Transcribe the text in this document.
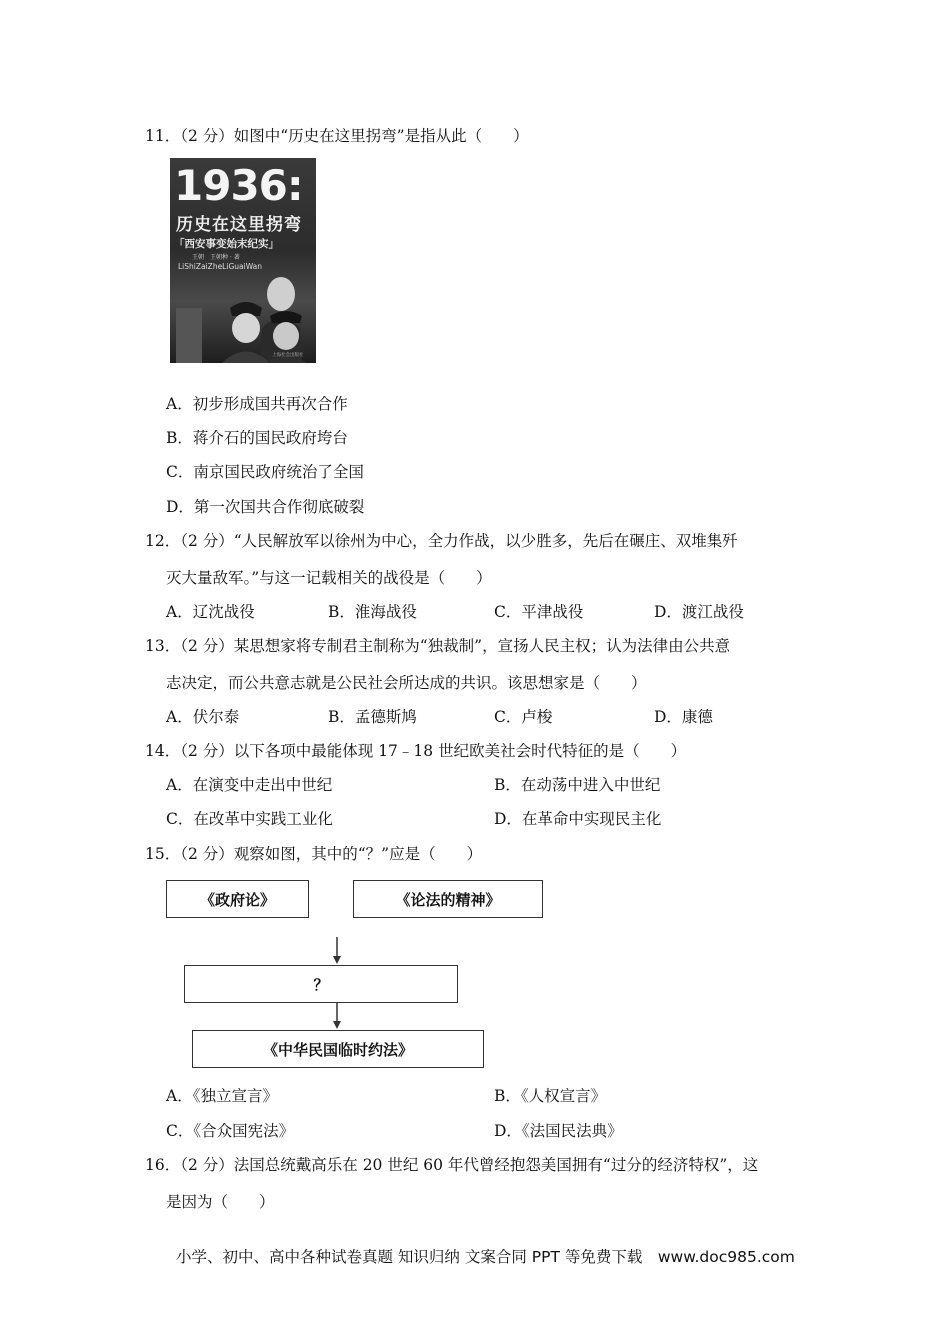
11．（2 分）如图中“历史在这里拐弯”是指从此（　　）
1936:
历史在这里拐弯
「西安事变始末纪实」
王朝　王朝种 · 著
LiShiZaiZheLiGuaiWan
上海社会出版社
A．初步形成国共再次合作
B．蒋介石的国民政府垮台
C．南京国民政府统治了全国
D．第一次国共合作彻底破裂
12．（2 分）“人民解放军以徐州为中心，全力作战，以少胜多，先后在碾庄、双堆集歼
灭大量敌军。”与这一记载相关的战役是（　　）
A．辽沈战役	B．淮海战役	C．平津战役	D．渡江战役
13．（2 分）某思想家将专制君主制称为“独裁制”，宣扬人民主权；认为法律由公共意
志决定，而公共意志就是公民社会所达成的共识。该思想家是（　　）
A．伏尔泰	B．孟德斯鸠	C．卢梭	D．康德
14．（2 分）以下各项中最能体现 17﹣18 世纪欧美社会时代特征的是（　　）
A．在演变中走出中世纪	B．在动荡中进入中世纪
C．在改革中实践工业化	D．在革命中实现民主化
15．（2 分）观察如图，其中的“？”应是（　　）
《政府论》	《论法的精神》
？
《中华民国临时约法》
A．《独立宣言》	B．《人权宣言》
C．《合众国宪法》	D．《法国民法典》
16．（2 分）法国总统戴高乐在 20 世纪 60 年代曾经抱怨美国拥有“过分的经济特权”，这
是因为（　　）
小学、初中、高中各种试卷真题 知识归纳 文案合同 PPT 等免费下载　www.doc985.com
